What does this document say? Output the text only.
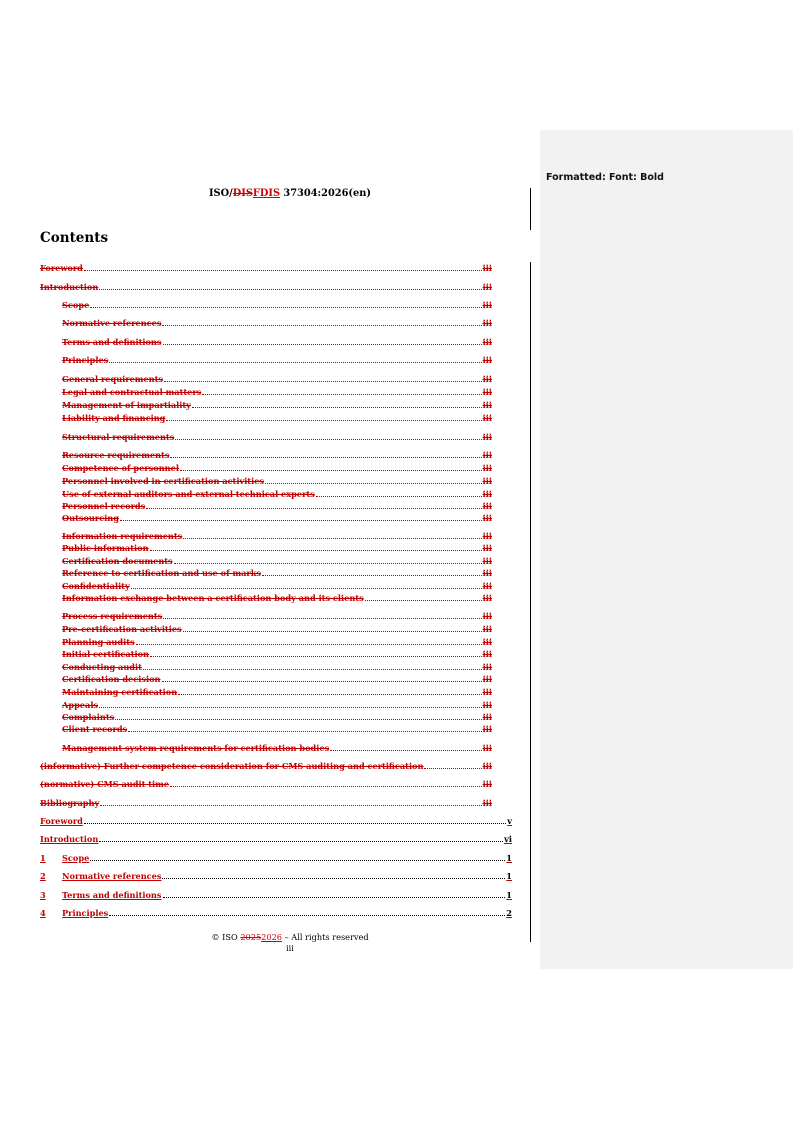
Formatted: Font: Bold
ISO/DISFDIS 37304:2026(en)
Contents
Foreword	iii
Introduction	iii
Scope	iii
Normative references	iii
Terms and definitions	iii
Principles	iii
General requirements	iii
Legal and contractual matters	iii
Management of impartiality	iii
Liability and financing	iii
Structural requirements	iii
Resource requirements	iii
Competence of personnel	iii
Personnel involved in certification activities	iii
Use of external auditors and external technical experts	iii
Personnel records	iii
Outsourcing	iii
Information requirements	iii
Public information	iii
Certification documents	iii
Reference to certification and use of marks	iii
Confidentiality	iii
Information exchange between a certification body and its clients	iii
Process requirements	iii
Pre-certification activities	iii
Planning audits	iii
Initial certification	iii
Conducting audit	iii
Certification decision	iii
Maintaining certification	iii
Appeals	iii
Complaints	iii
Client records	iii
Management system requirements for certification bodies	iii
(informative) Further competence consideration for CMS auditing and certification	iii
(normative) CMS audit time	iii
Bibliography	iii
Foreword	v
Introduction	vi
1	Scope	1
2	Normative references	1
3	Terms and definitions	1
4	Principles	2
© ISO 20252026 – All rights reserved
iii
